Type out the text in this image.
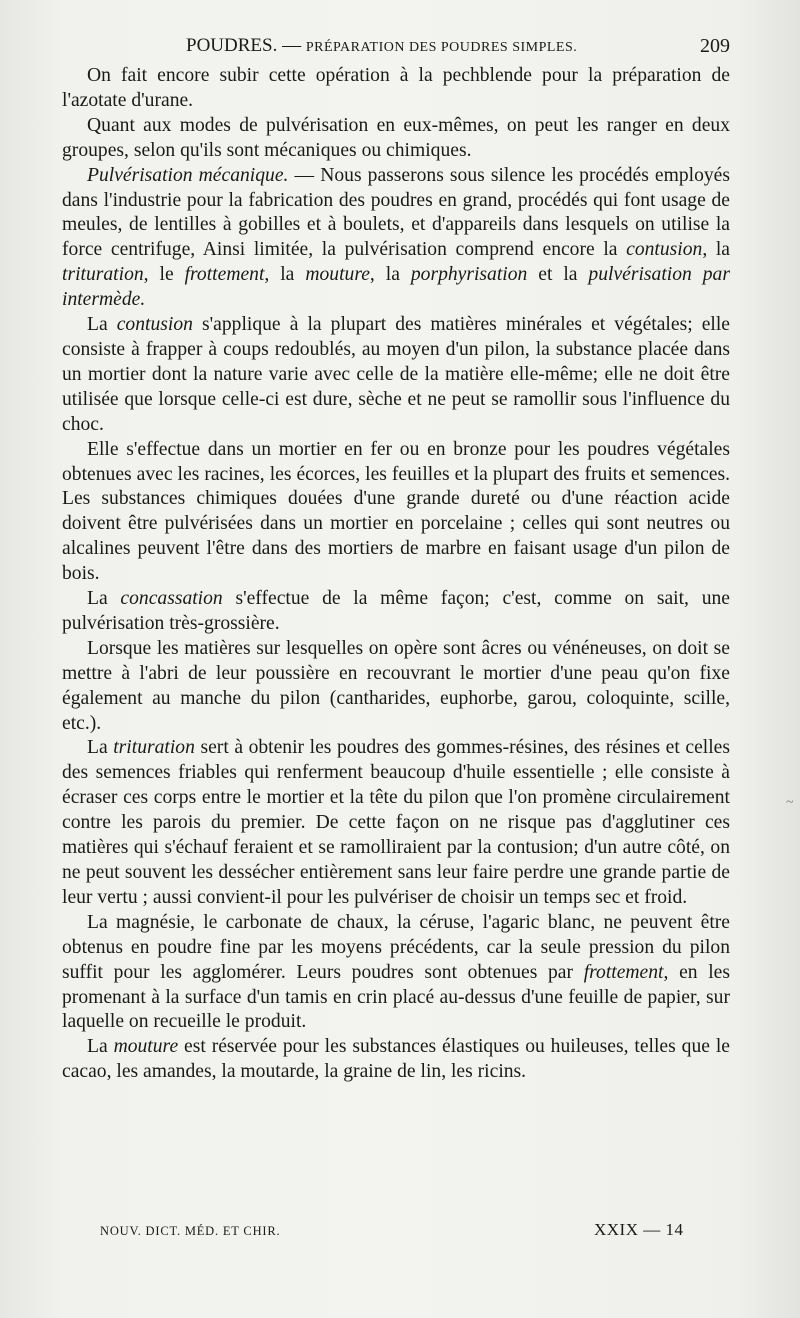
POUDRES. — PRÉPARATION DES POUDRES SIMPLES.	209

On fait encore subir cette opération à la pechblende pour la préparation de l'azotate d'urane.

Quant aux modes de pulvérisation en eux-mêmes, on peut les ranger en deux groupes, selon qu'ils sont mécaniques ou chimiques.

Pulvérisation mécanique. — Nous passerons sous silence les procédés employés dans l'industrie pour la fabrication des poudres en grand, procédés qui font usage de meules, de lentilles à gobilles et à boulets, et d'appareils dans lesquels on utilise la force centrifuge, Ainsi limitée, la pulvérisation comprend encore la contusion, la trituration, le frottement, la mouture, la porphyrisation et la pulvérisation par intermède.

La contusion s'applique à la plupart des matières minérales et végétales; elle consiste à frapper à coups redoublés, au moyen d'un pilon, la substance placée dans un mortier dont la nature varie avec celle de la matière elle-même; elle ne doit être utilisée que lorsque celle-ci est dure, sèche et ne peut se ramollir sous l'influence du choc.

Elle s'effectue dans un mortier en fer ou en bronze pour les poudres végétales obtenues avec les racines, les écorces, les feuilles et la plupart des fruits et semences. Les substances chimiques douées d'une grande dureté ou d'une réaction acide doivent être pulvérisées dans un mortier en porcelaine ; celles qui sont neutres ou alcalines peuvent l'être dans des mortiers de marbre en faisant usage d'un pilon de bois.

La concassation s'effectue de la même façon; c'est, comme on sait, une pulvérisation très-grossière.

Lorsque les matières sur lesquelles on opère sont âcres ou vénéneuses, on doit se mettre à l'abri de leur poussière en recouvrant le mortier d'une peau qu'on fixe également au manche du pilon (cantharides, euphorbe, garou, coloquinte, scille, etc.).

La trituration sert à obtenir les poudres des gommes-résines, des résines et celles des semences friables qui renferment beaucoup d'huile essentielle ; elle consiste à écraser ces corps entre le mortier et la tête du pilon que l'on promène circulairement contre les parois du premier. De cette façon on ne risque pas d'agglutiner ces matières qui s'échauf feraient et se ramolliraient par la contusion; d'un autre côté, on ne peut souvent les dessécher entièrement sans leur faire perdre une grande partie de leur vertu ; aussi convient-il pour les pulvériser de choisir un temps sec et froid.

La magnésie, le carbonate de chaux, la céruse, l'agaric blanc, ne peuvent être obtenus en poudre fine par les moyens précédents, car la seule pression du pilon suffit pour les agglomérer. Leurs poudres sont obtenues par frottement, en les promenant à la surface d'un tamis en crin placé au-dessus d'une feuille de papier, sur laquelle on recueille le produit.

La mouture est réservée pour les substances élastiques ou huileuses, telles que le cacao, les amandes, la moutarde, la graine de lin, les ricins.

~
NOUV. DICT. MÉD. ET CHIR.	XXIX — 14
